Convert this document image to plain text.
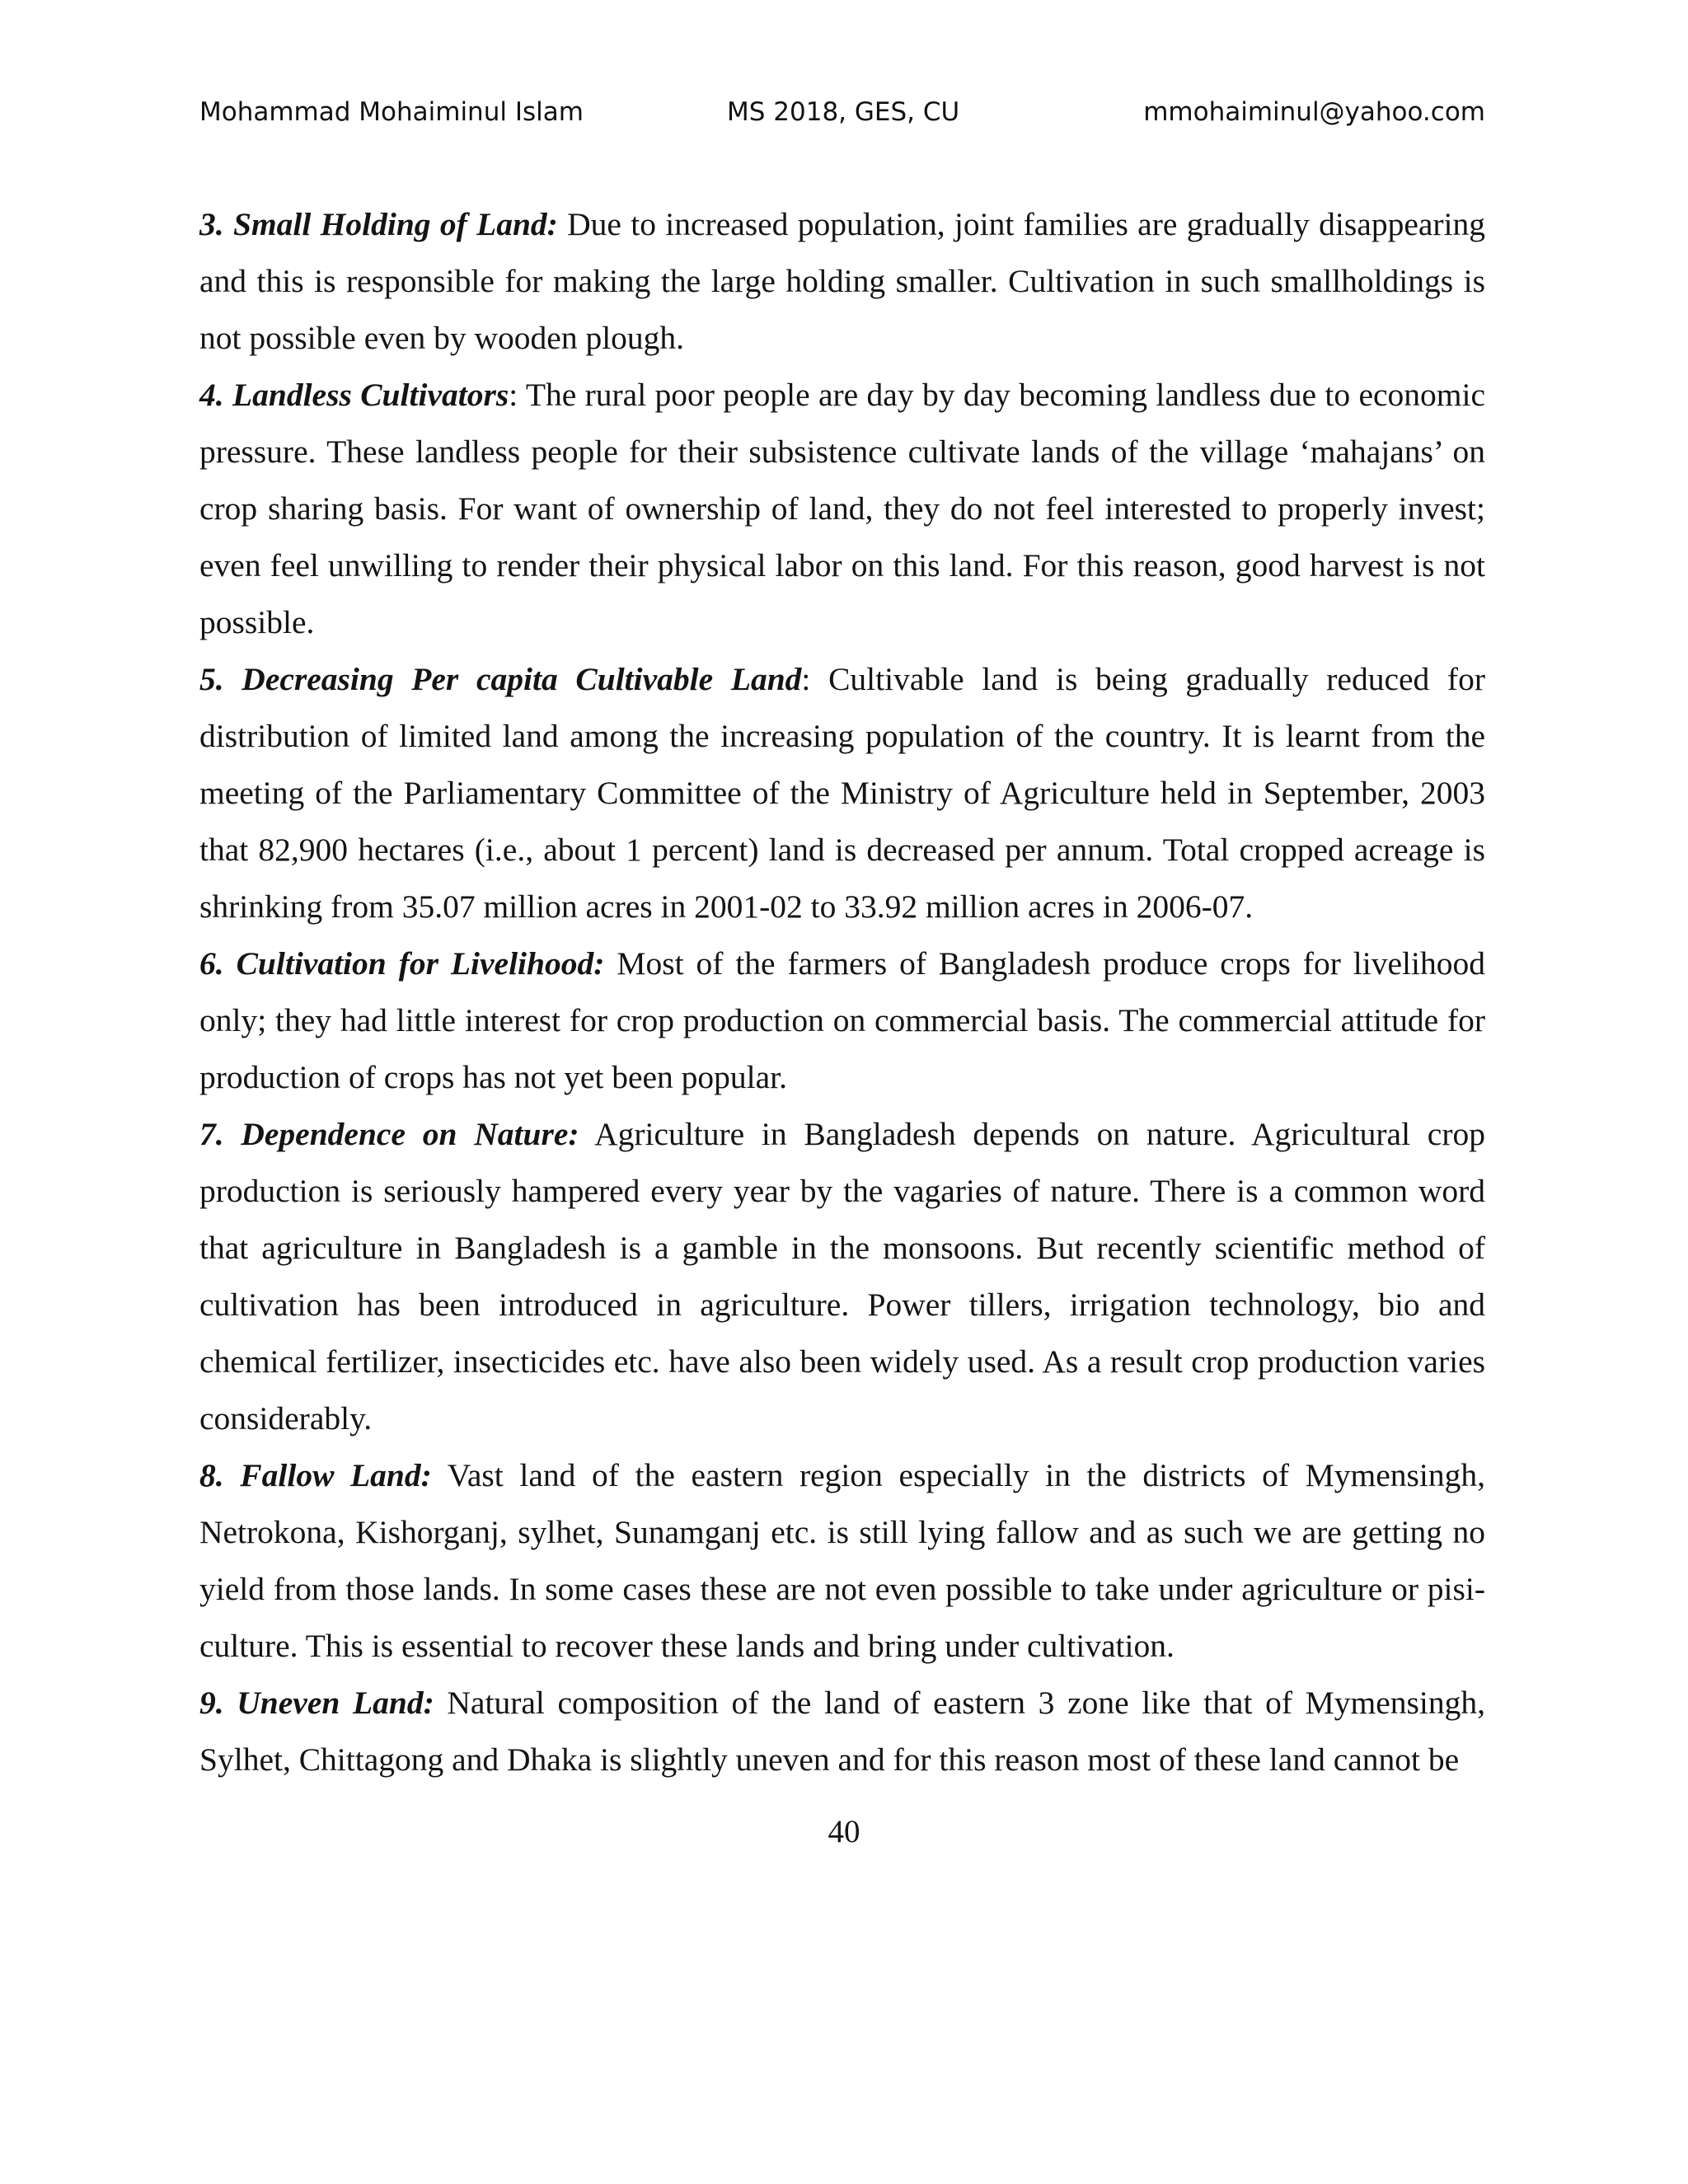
Mohammad Mohaiminul Islam	MS 2018, GES, CU	mmohaiminul@yahoo.com

3. Small Holding of Land: Due to increased population, joint families are gradually disappearing and this is responsible for making the large holding smaller. Cultivation in such smallholdings is not possible even by wooden plough.

4. Landless Cultivators: The rural poor people are day by day becoming landless due to economic pressure. These landless people for their subsistence cultivate lands of the village ‘mahajans’ on crop sharing basis. For want of ownership of land, they do not feel interested to properly invest; even feel unwilling to render their physical labor on this land. For this reason, good harvest is not possible.

5. Decreasing Per capita Cultivable Land: Cultivable land is being gradually reduced for distribution of limited land among the increasing population of the country. It is learnt from the meeting of the Parliamentary Committee of the Ministry of Agriculture held in September, 2003 that 82,900 hectares (i.e., about 1 percent) land is decreased per annum. Total cropped acreage is shrinking from 35.07 million acres in 2001-02 to 33.92 million acres in 2006-07.

6. Cultivation for Livelihood: Most of the farmers of Bangladesh produce crops for livelihood only; they had little interest for crop production on commercial basis. The commercial attitude for production of crops has not yet been popular.

7. Dependence on Nature: Agriculture in Bangladesh depends on nature. Agricultural crop production is seriously hampered every year by the vagaries of nature. There is a common word that agriculture in Bangladesh is a gamble in the monsoons. But recently scientific method of cultivation has been introduced in agriculture. Power tillers, irrigation technology, bio and chemical fertilizer, insecticides etc. have also been widely used. As a result crop production varies considerably.

8. Fallow Land: Vast land of the eastern region especially in the districts of Mymensingh, Netrokona, Kishorganj, sylhet, Sunamganj etc. is still lying fallow and as such we are getting no yield from those lands. In some cases these are not even possible to take under agriculture or pisi-culture. This is essential to recover these lands and bring under cultivation.

9. Uneven Land: Natural composition of the land of eastern 3 zone like that of Mymensingh, Sylhet, Chittagong and Dhaka is slightly uneven and for this reason most of these land cannot be

40
